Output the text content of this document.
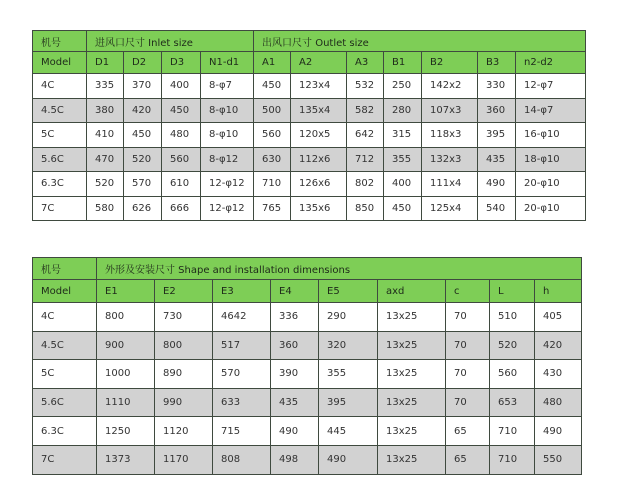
机号	进风口尺寸 Inlet size				出风口尺寸 Outlet size						
Model	D1	D2	D3	N1-d1	A1	A2	A3	B1	B2	B3	n2-d2
4C	335	370	400	8-φ7	450	123x4	532	250	142x2	330	12-φ7
4.5C	380	420	450	8-φ10	500	135x4	582	280	107x3	360	14-φ7
5C	410	450	480	8-φ10	560	120x5	642	315	118x3	395	16-φ10
5.6C	470	520	560	8-φ12	630	112x6	712	355	132x3	435	18-φ10
6.3C	520	570	610	12-φ12	710	126x6	802	400	111x4	490	20-φ10
7C	580	626	666	12-φ12	765	135x6	850	450	125x4	540	20-φ10
机号	外形及安装尺寸 Shape and installation dimensions								
Model	E1	E2	E3	E4	E5	axd	c	L	h
4C	800	730	4642	336	290	13x25	70	510	405
4.5C	900	800	517	360	320	13x25	70	520	420
5C	1000	890	570	390	355	13x25	70	560	430
5.6C	1110	990	633	435	395	13x25	70	653	480
6.3C	1250	1120	715	490	445	13x25	65	710	490
7C	1373	1170	808	498	490	13x25	65	710	550
